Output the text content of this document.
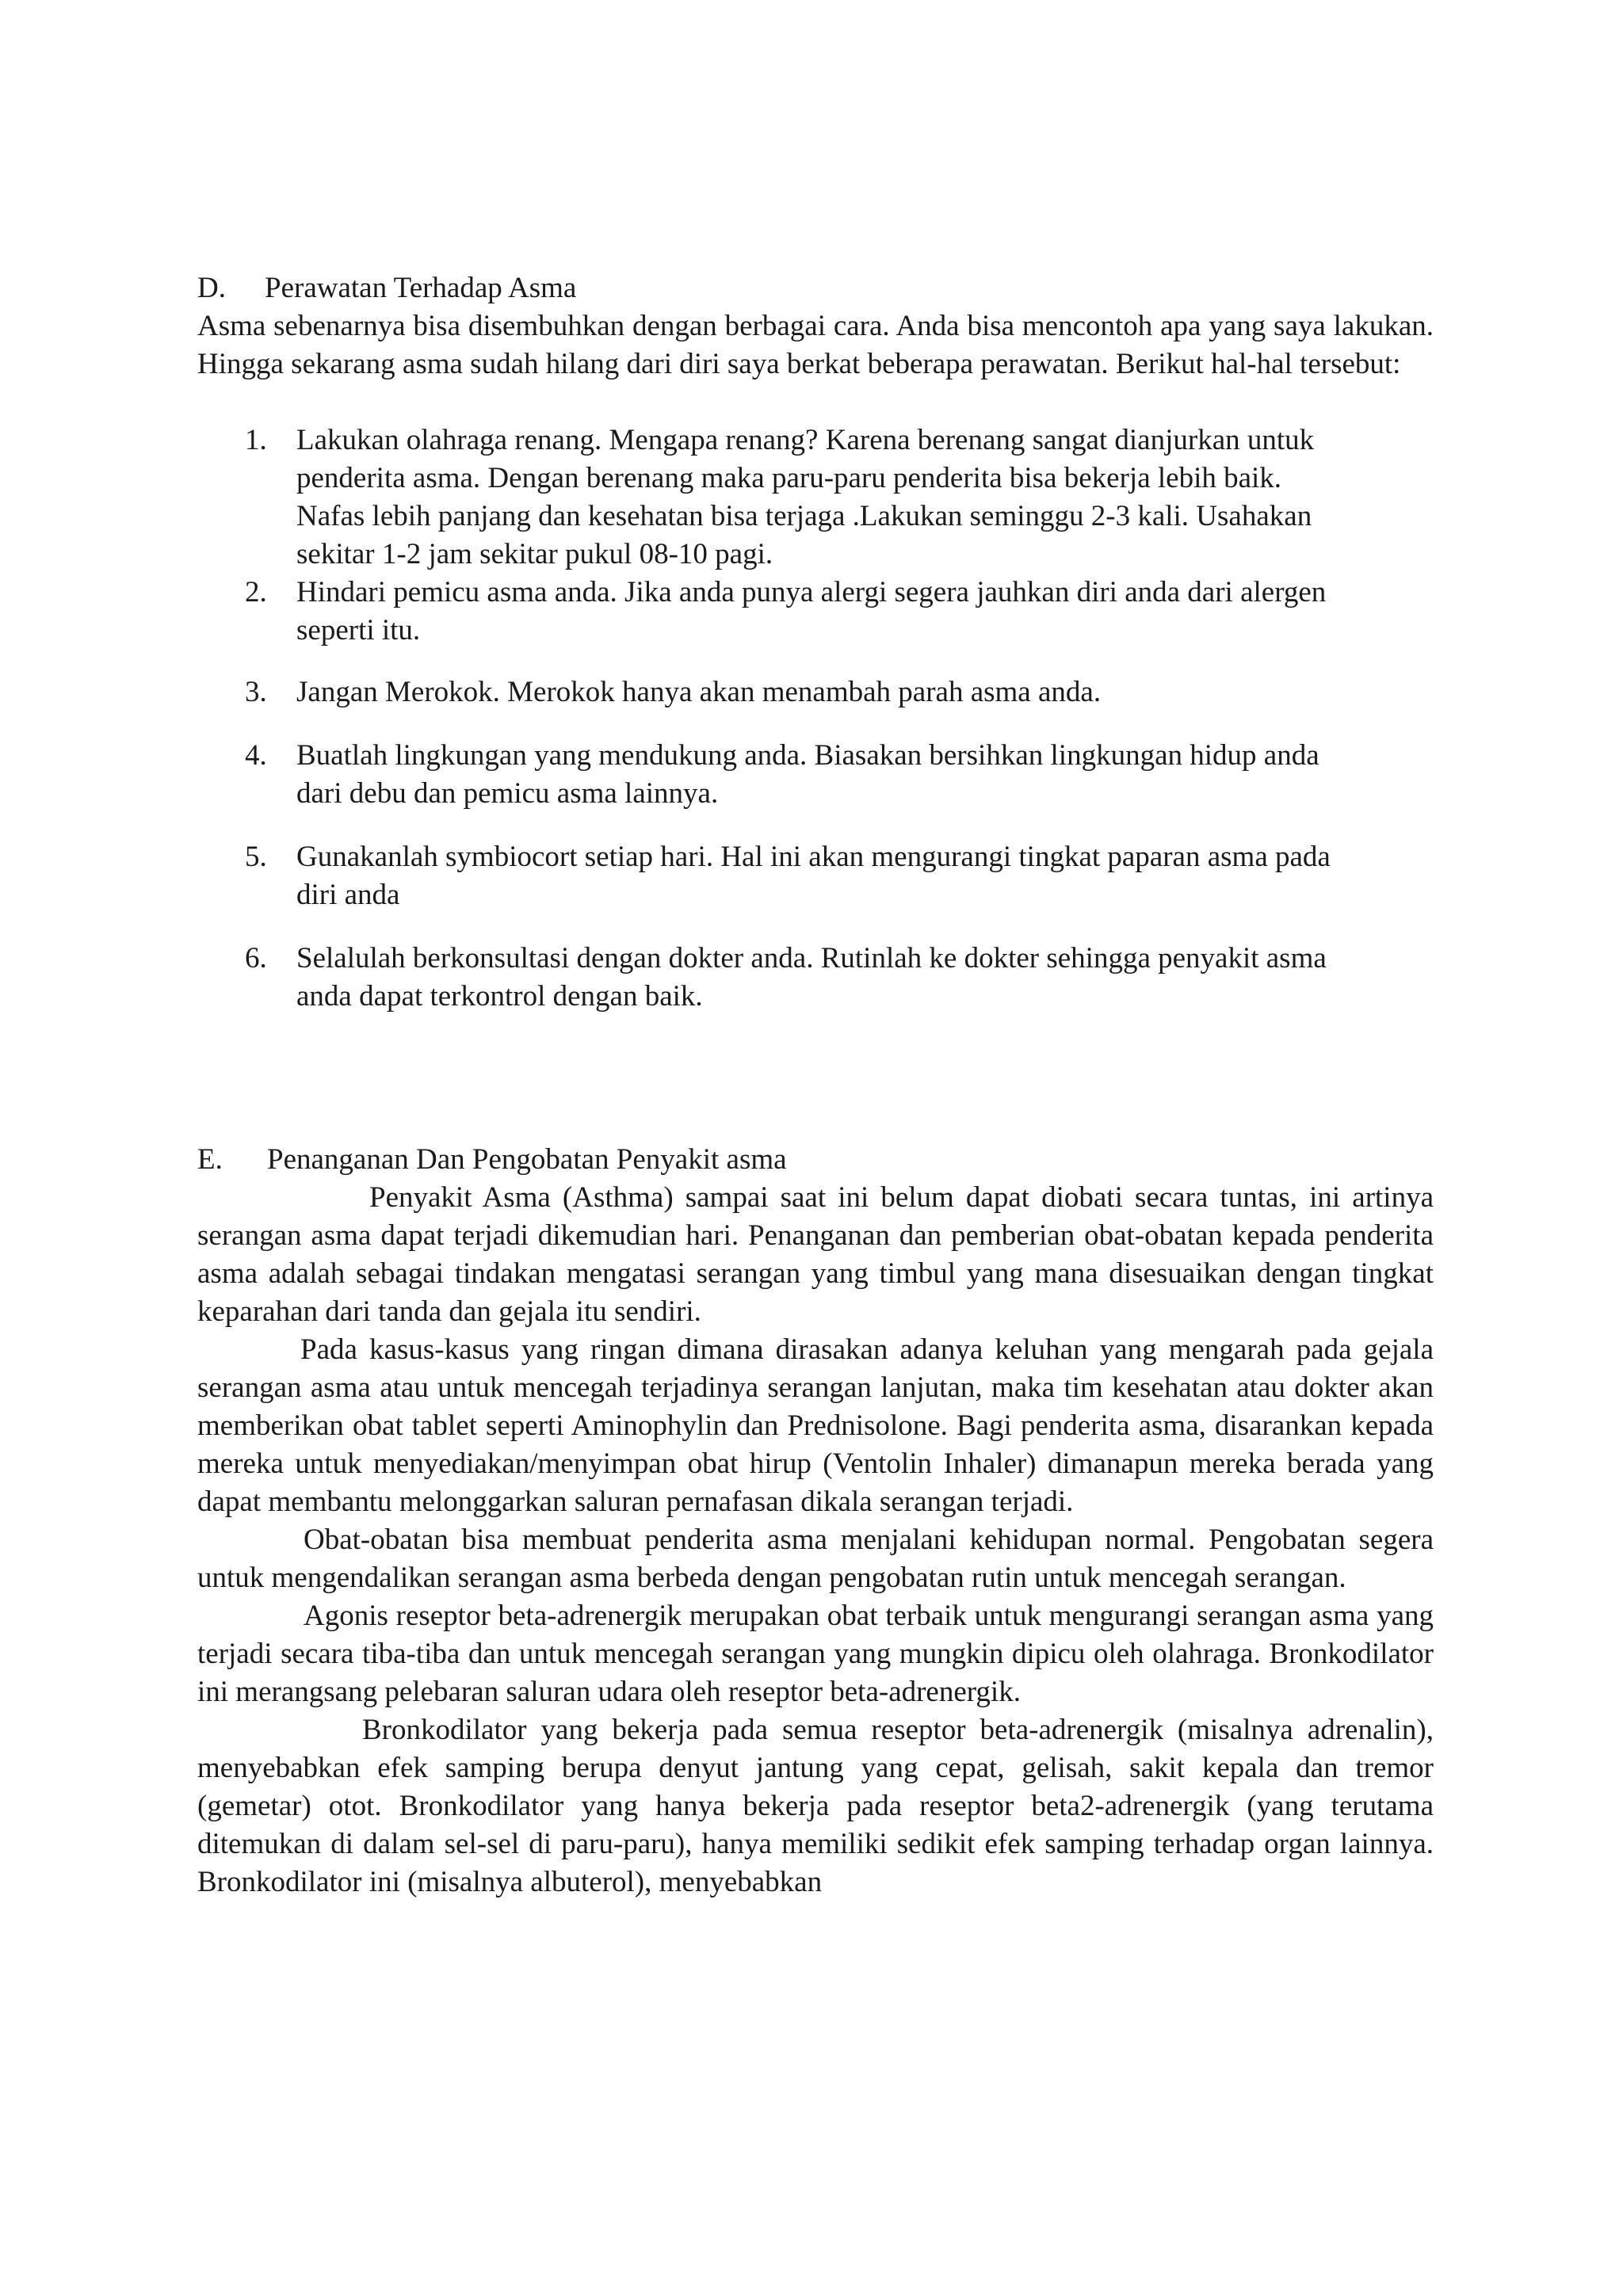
D.	Perawatan Terhadap Asma

Asma sebenarnya bisa disembuhkan dengan berbagai cara. Anda bisa mencontoh apa yang saya lakukan. Hingga sekarang asma sudah hilang dari diri saya berkat beberapa perawatan. Berikut hal-hal tersebut:

1. Lakukan olahraga renang. Mengapa renang? Karena berenang sangat dianjurkan untuk penderita asma. Dengan berenang maka paru-paru penderita bisa bekerja lebih baik. Nafas lebih panjang dan kesehatan bisa terjaga .Lakukan seminggu 2-3 kali. Usahakan sekitar 1-2 jam sekitar pukul 08-10 pagi.
2. Hindari pemicu asma anda. Jika anda punya alergi segera jauhkan diri anda dari alergen seperti itu.
3. Jangan Merokok. Merokok hanya akan menambah parah asma anda.
4. Buatlah lingkungan yang mendukung anda. Biasakan bersihkan lingkungan hidup anda dari debu dan pemicu asma lainnya.
5. Gunakanlah symbiocort setiap hari. Hal ini akan mengurangi tingkat paparan asma pada diri anda
6. Selalulah berkonsultasi dengan dokter anda. Rutinlah ke dokter sehingga penyakit asma anda dapat terkontrol dengan baik.
E.	Penanganan Dan Pengobatan Penyakit asma

Penyakit Asma (Asthma) sampai saat ini belum dapat diobati secara tuntas, ini artinya serangan asma dapat terjadi dikemudian hari. Penanganan dan pemberian obat-obatan kepada penderita asma adalah sebagai tindakan mengatasi serangan yang timbul yang mana disesuaikan dengan tingkat keparahan dari tanda dan gejala itu sendiri.

Pada kasus-kasus yang ringan dimana dirasakan adanya keluhan yang mengarah pada gejala serangan asma atau untuk mencegah terjadinya serangan lanjutan, maka tim kesehatan atau dokter akan memberikan obat tablet seperti Aminophylin dan Prednisolone. Bagi penderita asma, disarankan kepada mereka untuk menyediakan/menyimpan obat hirup (Ventolin Inhaler) dimanapun mereka berada yang dapat membantu melonggarkan saluran pernafasan dikala serangan terjadi.

Obat-obatan bisa membuat penderita asma menjalani kehidupan normal. Pengobatan segera untuk mengendalikan serangan asma berbeda dengan pengobatan rutin untuk mencegah serangan.

Agonis reseptor beta-adrenergik merupakan obat terbaik untuk mengurangi serangan asma yang terjadi secara tiba-tiba dan untuk mencegah serangan yang mungkin dipicu oleh olahraga. Bronkodilator ini merangsang pelebaran saluran udara oleh reseptor beta-adrenergik.

Bronkodilator yang bekerja pada semua reseptor beta-adrenergik (misalnya adrenalin), menyebabkan efek samping berupa denyut jantung yang cepat, gelisah, sakit kepala dan tremor (gemetar) otot. Bronkodilator yang hanya bekerja pada reseptor beta2-adrenergik (yang terutama ditemukan di dalam sel-sel di paru-paru), hanya memiliki sedikit efek samping terhadap organ lainnya. Bronkodilator ini (misalnya albuterol), menyebabkan
